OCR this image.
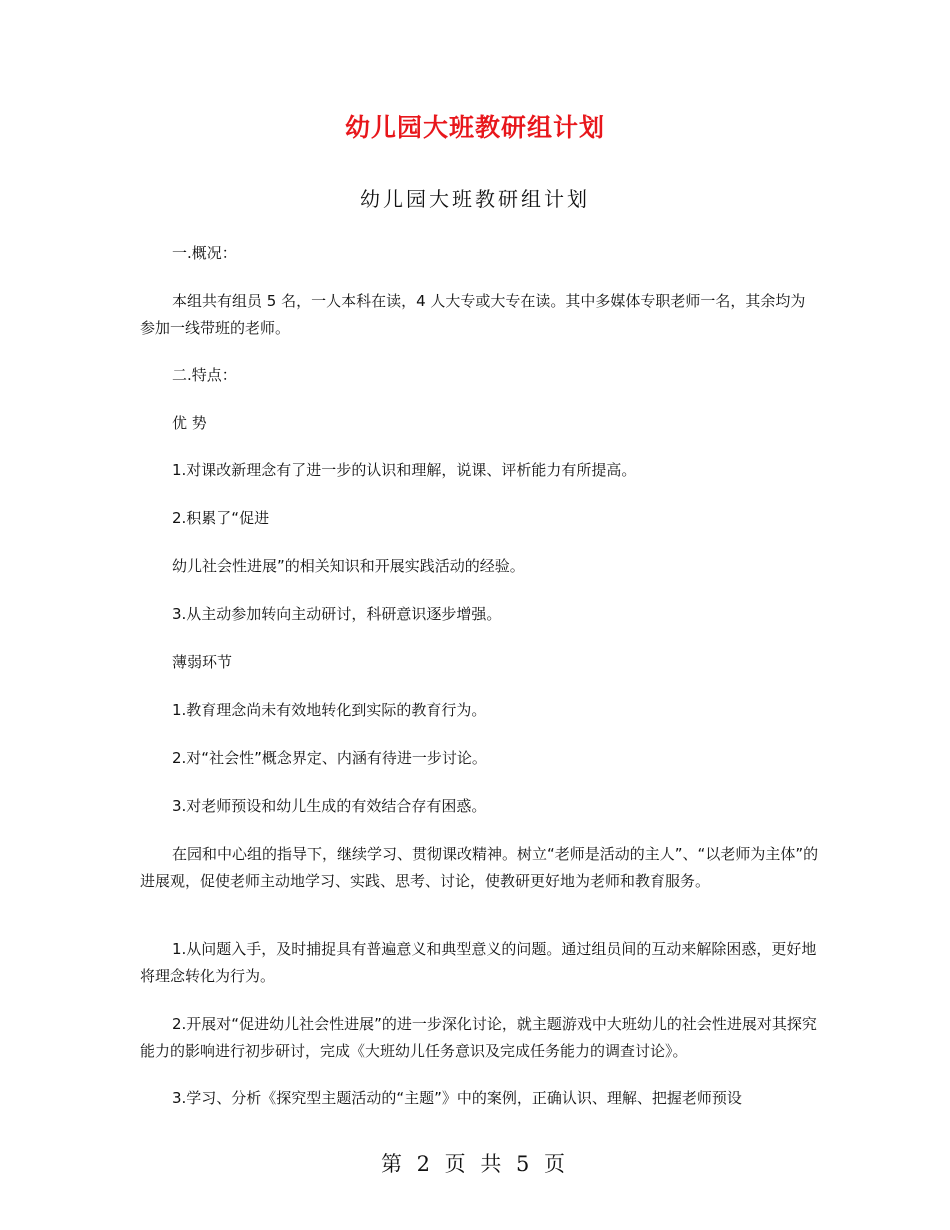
幼儿园大班教研组计划
幼儿园大班教研组计划

一.概况：

本组共有组员 5 名，一人本科在读，4 人大专或大专在读。其中多媒体专职老师一名，其余均为参加一线带班的老师。

二.特点：

优 势

1.对课改新理念有了进一步的认识和理解，说课、评析能力有所提高。

2.积累了“促进

幼儿社会性进展”的相关知识和开展实践活动的经验。

3.从主动参加转向主动研讨，科研意识逐步增强。

薄弱环节

1.教育理念尚未有效地转化到实际的教育行为。

2.对“社会性”概念界定、内涵有待进一步讨论。

3.对老师预设和幼儿生成的有效结合存有困惑。

在园和中心组的指导下，继续学习、贯彻课改精神。树立“老师是活动的主人”、“以老师为主体”的进展观，促使老师主动地学习、实践、思考、讨论，使教研更好地为老师和教育服务。

1.从问题入手，及时捕捉具有普遍意义和典型意义的问题。通过组员间的互动来解除困惑，更好地将理念转化为行为。

2.开展对“促进幼儿社会性进展”的进一步深化讨论，就主题游戏中大班幼儿的社会性进展对其探究能力的影响进行初步研讨，完成《大班幼儿任务意识及完成任务能力的调查讨论》。

3.学习、分析《探究型主题活动的“主题”》中的案例，正确认识、理解、把握老师预设

第 2 页 共 5 页
